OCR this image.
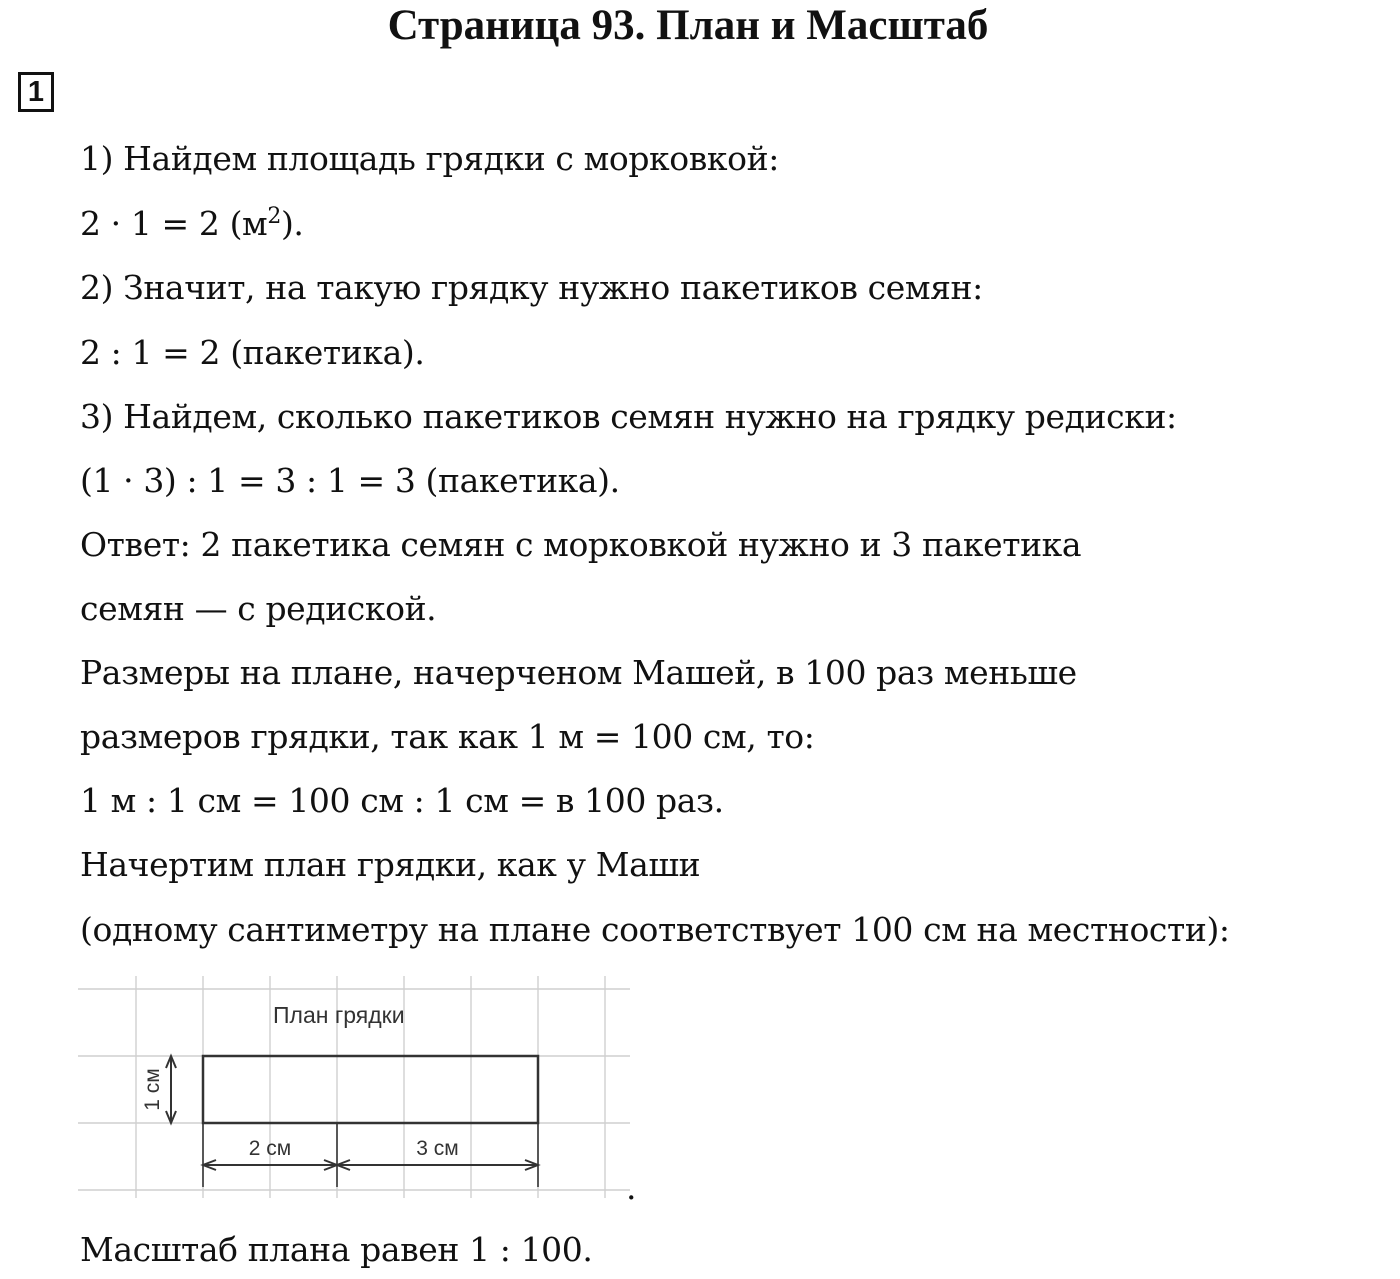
Страница 93. План и Масштаб
1
1) Найдем площадь грядки с морковкой:
2 · 1 = 2 $(м^2)$.
2) Значит, на такую грядку нужно пакетиков семян:
2 : 1 = 2 (пакетика).
3) Найдем, сколько пакетиков семян нужно на грядку редиски:
(1 · 3) : 1 = 3 : 1 = 3 (пакетика).
Ответ: 2 пакетика семян с морковкой нужно и 3 пакетика
семян — с редиской.
Размеры на плане, начерченом Машей, в 100 раз меньше
размеров грядки, так как 1 м = 100 см, то:
1 м : 1 см = 100 см : 1 см = в 100 раз.
Начертим план грядки, как у Маши
(одному сантиметру на плане соответствует 100 см на местности):
План грядки
1 см
2 см	3 см
.
Масштаб плана равен 1 : 100.
